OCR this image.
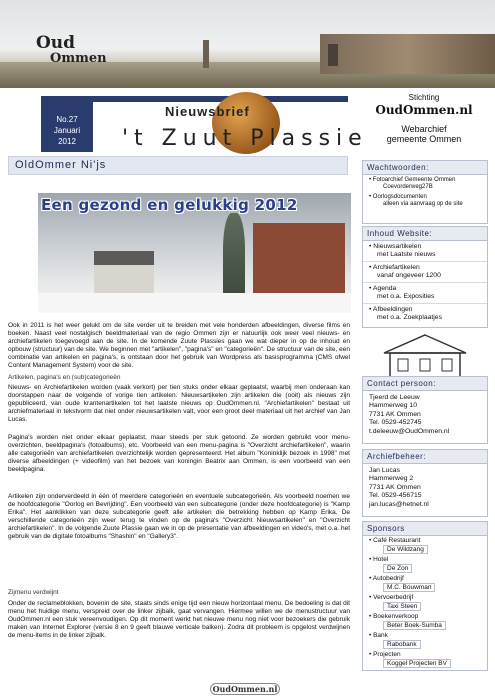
Oud
Ommen
No.27
Januari
2012
Nieuwsbrief
't Zuut Plassie
OldOmmer Ni'js
Een gezond en gelukkig 2012

Ook in 2011 is het weer gelukt om de site verder uit te breiden met vele honderden afbeeldingen, diverse films en boeken. Naast veel nostalgisch beeldmateriaal van de regio Ommen zijn er natuurlijk ook weer veel nieuws- en archiefartikelen toegevoegd aan de site. In de komende Zuute Plassies gaan we wat dieper in op de inhoud en opbouw (structuur) van de site. We beginnen met "artikelen", "pagina's" en "categorieën". De structuur van de site, een combinatie van artikelen en pagina's, is ontstaan door het gebruik van Wordpress als basisprogramma (CMS ofwel Content Management System) voor de site.

Artikelen, pagina's en (sub)categorieën

Nieuws- en Archiefartikelen worden (vaak verkort) per tien stuks onder elkaar geplaatst, waarbij men onderaan kan doorstappen naar de volgende of vorige tien artikelen. Nieuwsartikelen zijn artikelen die (ooit) als nieuws zijn gepubliceerd, van oude krantenartikelen tot het laatste nieuws op OudOmmen.nl. "Archiefartikelen" bestaat uit archiefmateriaal in tekstvorm dat niet onder nieuwsartikelen valt, voor een groot deel materiaal uit het archief van Jan Lucas.

Pagina's worden niet onder elkaar geplaatst, maar steeds per stuk getoond. Ze worden gebruikt voor menu-overzichten, beeldpagina's (fotoalbums), etc. Voorbeeld van een menu-pagina is "Overzicht archiefartikelen", waarin alle categorieën van archiefartikelen overzichtelijk worden gepresenteerd. Het album "Koninklijk bezoek in 1998" met diverse afbeeldingen (+ videofilm) van het bezoek van koningin Beatrix aan Ommen, is een voorbeeld van een beeldpagina.

Artikelen zijn onderverdeeld in één of meerdere categorieën en eventuele subcategorieën. Als voorbeeld noemen we de hoofdcategorie "Oorlog en Bevrijding". Een voorbeeld van een subcategorie (onder deze hoofdcategorie) is "Kamp Erika". Het aanklikken van deze subcategorie geeft alle artikelen die betrekking hebben op Kamp Erika. De verschillende categorieën zijn weer terug te vinden op de pagina's "Overzicht Nieuwsartikelen" en "Overzicht archiefartikelen". In de volgende Zuute Plassie gaan we in op de presentatie van afbeeldingen en video's, met o.a. het gebruik van de digitale fotoalbums "Shashin" en "Gallery3".

Zijmenu verdwijnt

Onder de reclameblokken, bovenin de site, staats sinds enige tijd een nieuw horizontaal menu. De bedoeling is dat dit menu het huidige menu, verspreid over de linker zijbalk, gaat vervangen. Hiermee willen we de menustructuur van OudOmmen.nl een stuk vereenvoudigen. Op dit moment werkt het nieuwe menu nog niet voor bezoekers die gebruik maken van Internet Explorer (versie 8 en 9 geeft blauwe verticale balken). Zodra dit probleem is opgelost verdwijnen de menu-items in de linker zijbalk.

Stichting
OudOmmen.nl
Webarchief
gemeente Ommen
Wachtwoorden:
• Fotoarchief Gemeente Ommen
Coevorderweg27B
• Oorlogsdocumenten
alleen via aanvraag op de site
Inhoud Website:
• Nieuwsartikelen
met Laatste nieuws
• Archiefartikelen
vanaf ongeveer 1200
• Agenda
met o.a. Exposities
• Afbeeldingen
met o.a. Zoekplaatjes
Contact persoon:
Tjeerd de Leeuw
Hammerweg 10
7731 AK Ommen
Tel. 0529-452745
t.deleeuw@OudOmmen.nl
Archiefbeheer:
Jan Lucas
Hammerweg 2
7731 AK Ommen
Tel. 0529-456715
jan.lucas@hetnet.nl
Sponsors
• Café Restaurant
De Wildzang
• Hotel
De Zon
• Autobedrijf
M.C. Bouwman
• Vervoerbedrijf
Taxi Steen
• Boekenverkoop
Beter Boek-Sumba
• Bank
Rabobank
• Projecten
Koggel Projecten BV
OudOmmen.nl
